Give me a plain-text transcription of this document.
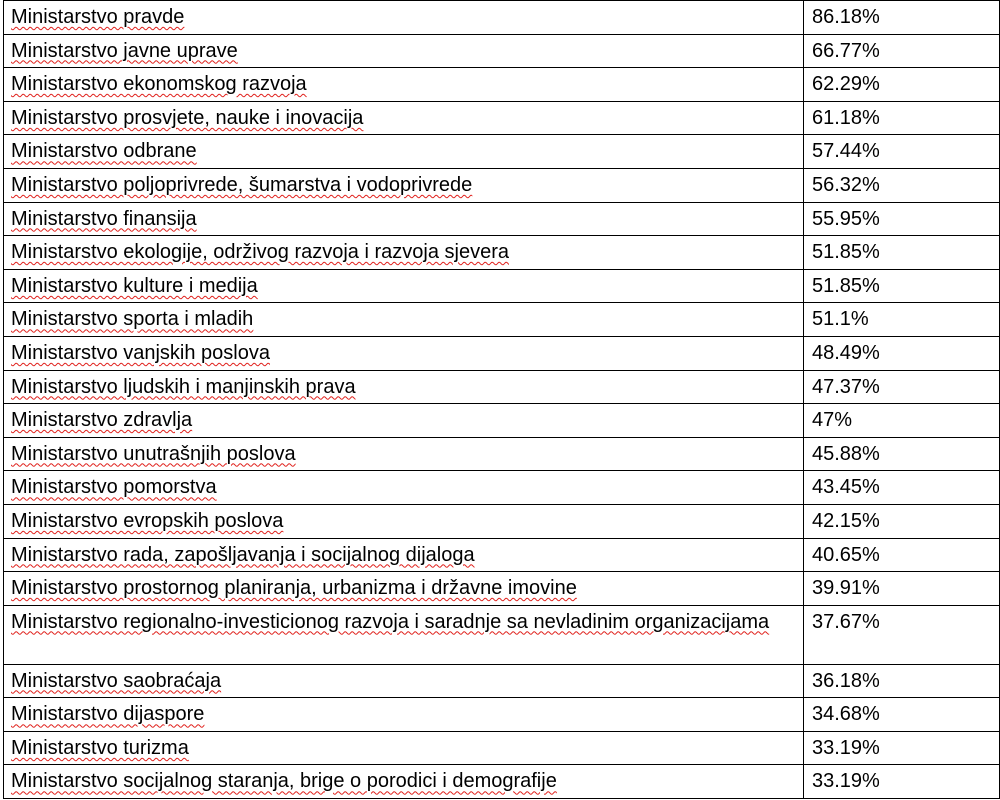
Ministarstvo pravde	86.18%
Ministarstvo javne uprave	66.77%
Ministarstvo ekonomskog razvoja	62.29%
Ministarstvo prosvjete, nauke i inovacija	61.18%
Ministarstvo odbrane	57.44%
Ministarstvo poljoprivrede, šumarstva i vodoprivrede	56.32%
Ministarstvo finansija	55.95%
Ministarstvo ekologije, održivog razvoja i razvoja sjevera	51.85%
Ministarstvo kulture i medija	51.85%
Ministarstvo sporta i mladih	51.1%
Ministarstvo vanjskih poslova	48.49%
Ministarstvo ljudskih i manjinskih prava	47.37%
Ministarstvo zdravlja	47%
Ministarstvo unutrašnjih poslova	45.88%
Ministarstvo pomorstva	43.45%
Ministarstvo evropskih poslova	42.15%
Ministarstvo rada, zapošljavanja i socijalnog dijaloga	40.65%
Ministarstvo prostornog planiranja, urbanizma i državne imovine	39.91%
Ministarstvo regionalno-investicionog razvoja i saradnje sa nevladinim organizacijama	37.67%
Ministarstvo saobraćaja	36.18%
Ministarstvo dijaspore	34.68%
Ministarstvo turizma	33.19%
Ministarstvo socijalnog staranja, brige o porodici i demografije	33.19%
